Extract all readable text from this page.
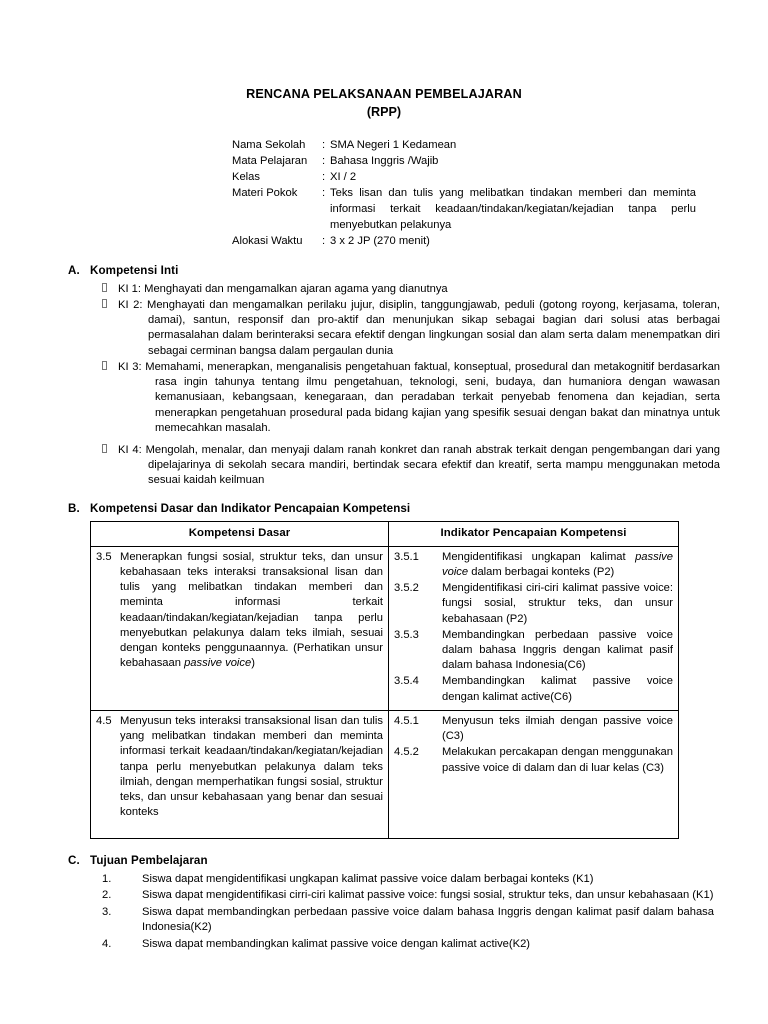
RENCANA PELAKSANAAN PEMBELAJARAN
(RPP)
Nama Sekolah	: SMA Negeri 1 Kedamean
Mata Pelajaran	: Bahasa Inggris /Wajib
Kelas	: XI / 2
Materi Pokok	: Teks lisan dan tulis yang melibatkan tindakan memberi dan meminta informasi terkait keadaan/tindakan/kegiatan/kejadian tanpa perlu menyebutkan pelakunya
Alokasi Waktu	: 3 x 2 JP (270 menit)
A. Kompetensi Inti
KI 1: Menghayati dan mengamalkan ajaran agama yang dianutnya
KI 2: Menghayati dan mengamalkan perilaku jujur, disiplin, tanggungjawab, peduli (gotong royong, kerjasama, toleran, damai), santun, responsif dan pro-aktif dan menunjukan sikap sebagai bagian dari solusi atas berbagai permasalahan dalam berinteraksi secara efektif dengan lingkungan sosial dan alam serta dalam menempatkan diri sebagai cerminan bangsa dalam pergaulan dunia
KI 3: Memahami, menerapkan, menganalisis pengetahuan faktual, konseptual, prosedural dan metakognitif berdasarkan rasa ingin tahunya tentang ilmu pengetahuan, teknologi, seni, budaya, dan humaniora dengan wawasan kemanusiaan, kebangsaan, kenegaraan, dan peradaban terkait penyebab fenomena dan kejadian, serta menerapkan pengetahuan prosedural pada bidang kajian yang spesifik sesuai dengan bakat dan minatnya untuk memecahkan masalah.
KI 4: Mengolah, menalar, dan menyaji dalam ranah konkret dan ranah abstrak terkait dengan pengembangan dari yang dipelajarinya di sekolah secara mandiri, bertindak secara efektif dan kreatif, serta mampu menggunakan metoda sesuai kaidah keilmuan
B. Kompetensi Dasar dan Indikator Pencapaian Kompetensi
Kompetensi Dasar	Indikator Pencapaian Kompetensi

3.5 Menerapkan fungsi sosial, struktur teks, dan unsur kebahasaan teks interaksi transaksional lisan dan tulis yang melibatkan tindakan memberi dan meminta informasi terkait keadaan/tindakan/kegiatan/kejadian tanpa perlu menyebutkan pelakunya dalam teks ilmiah, sesuai dengan konteks penggunaannya. (Perhatikan unsur kebahasaan passive voice)

3.5.1	Mengidentifikasi ungkapan kalimat passive voice dalam berbagai konteks (P2)
3.5.2	Mengidentifikasi ciri-ciri kalimat passive voice: fungsi sosial, struktur teks, dan unsur kebahasaan (P2)
3.5.3	Membandingkan perbedaan passive voice dalam bahasa Inggris dengan kalimat pasif dalam bahasa Indonesia(C6)
3.5.4	Membandingkan kalimat passive voice dengan kalimat active(C6)

4.5 Menyusun teks interaksi transaksional lisan dan tulis yang melibatkan tindakan memberi dan meminta informasi terkait keadaan/tindakan/kegiatan/kejadian tanpa perlu menyebutkan pelakunya dalam teks ilmiah, dengan memperhatikan fungsi sosial, struktur teks, dan unsur kebahasaan yang benar dan sesuai konteks

4.5.1	Menyusun teks ilmiah dengan passive voice (C3)
4.5.2	Melakukan percakapan dengan menggunakan passive voice di dalam dan di luar kelas (C3)
C. Tujuan Pembelajaran
1.	Siswa dapat mengidentifikasi ungkapan kalimat passive voice dalam berbagai konteks (K1)
2.	Siswa dapat mengidentifikasi cirri-ciri kalimat passive voice: fungsi sosial, struktur teks, dan unsur kebahasaan (K1)
3.	Siswa dapat membandingkan perbedaan passive voice dalam bahasa Inggris dengan kalimat pasif dalam bahasa Indonesia(K2)
4.	Siswa dapat membandingkan kalimat passive voice dengan kalimat active(K2)
